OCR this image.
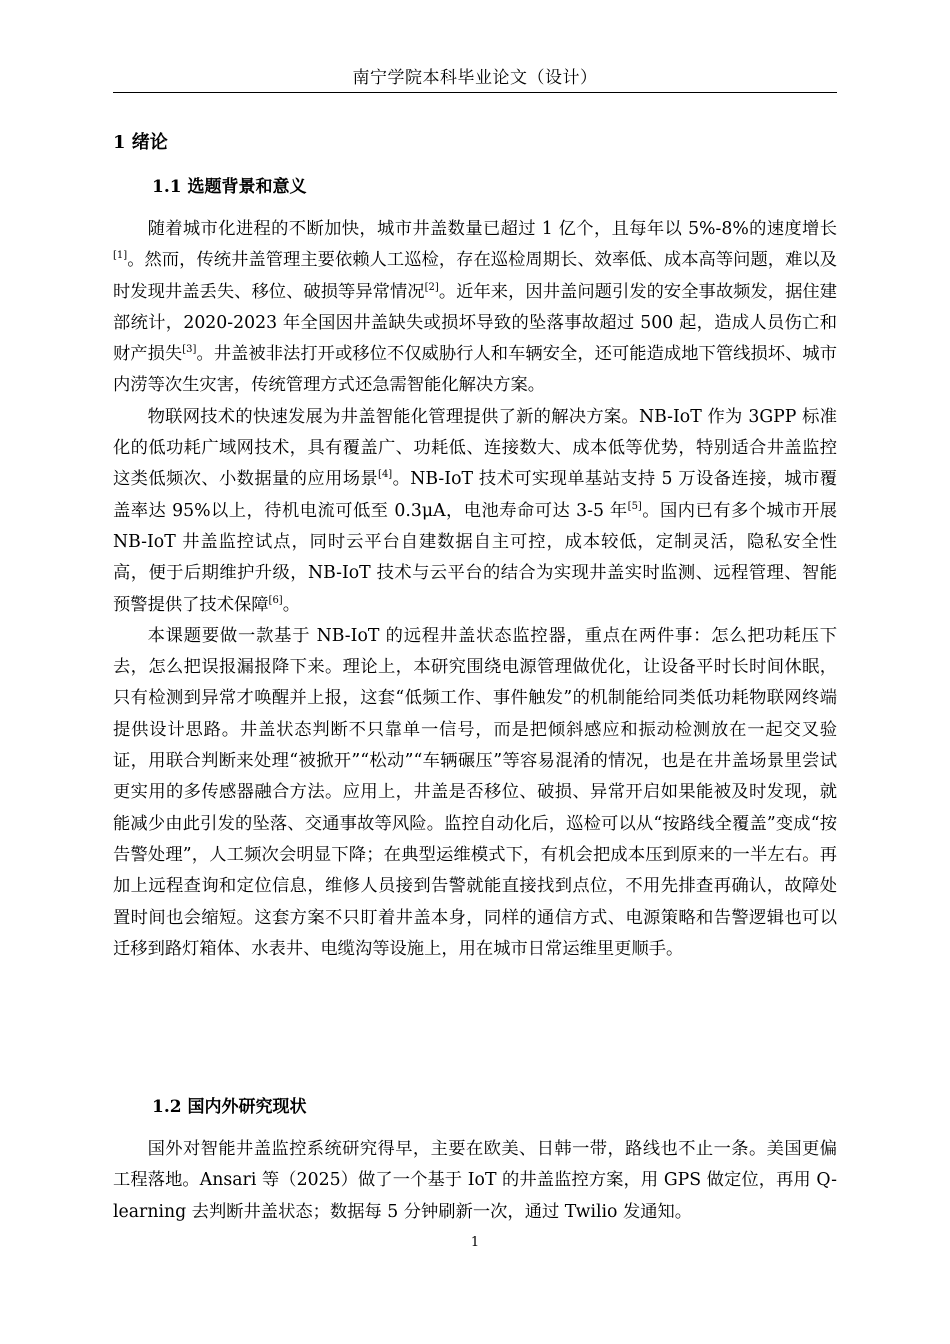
南宁学院本科毕业论文（设计）
1 绪论
1.1 选题背景和意义

随着城市化进程的不断加快，城市井盖数量已超过 1 亿个，且每年以 5%-8%的速度增长[1]。然而，传统井盖管理主要依赖人工巡检，存在巡检周期长、效率低、成本高等问题，难以及时发现井盖丢失、移位、破损等异常情况[2]。近年来，因井盖问题引发的安全事故频发，据住建部统计，2020-2023 年全国因井盖缺失或损坏导致的坠落事故超过 500 起，造成人员伤亡和财产损失[3]。井盖被非法打开或移位不仅威胁行人和车辆安全，还可能造成地下管线损坏、城市内涝等次生灾害，传统管理方式还急需智能化解决方案。

物联网技术的快速发展为井盖智能化管理提供了新的解决方案。NB-IoT 作为 3GPP 标准化的低功耗广域网技术，具有覆盖广、功耗低、连接数大、成本低等优势，特别适合井盖监控这类低频次、小数据量的应用场景[4]。NB-IoT 技术可实现单基站支持 5 万设备连接，城市覆盖率达 95%以上，待机电流可低至 0.3μA，电池寿命可达 3-5 年[5]。国内已有多个城市开展 NB-IoT 井盖监控试点，同时云平台自建数据自主可控，成本较低，定制灵活，隐私安全性高，便于后期维护升级，NB-IoT 技术与云平台的结合为实现井盖实时监测、远程管理、智能预警提供了技术保障[6]。

本课题要做一款基于 NB-IoT 的远程井盖状态监控器，重点在两件事：怎么把功耗压下去，怎么把误报漏报降下来。理论上，本研究围绕电源管理做优化，让设备平时长时间休眠，只有检测到异常才唤醒并上报，这套“低频工作、事件触发”的机制能给同类低功耗物联网终端提供设计思路。井盖状态判断不只靠单一信号，而是把倾斜感应和振动检测放在一起交叉验证，用联合判断来处理“被掀开”“松动”“车辆碾压”等容易混淆的情况，也是在井盖场景里尝试更实用的多传感器融合方法。应用上，井盖是否移位、破损、异常开启如果能被及时发现，就能减少由此引发的坠落、交通事故等风险。监控自动化后，巡检可以从“按路线全覆盖”变成“按告警处理”，人工频次会明显下降；在典型运维模式下，有机会把成本压到原来的一半左右。再加上远程查询和定位信息，维修人员接到告警就能直接找到点位，不用先排查再确认，故障处置时间也会缩短。这套方案不只盯着井盖本身，同样的通信方式、电源策略和告警逻辑也可以迁移到路灯箱体、水表井、电缆沟等设施上，用在城市日常运维里更顺手。

1.2 国内外研究现状

国外对智能井盖监控系统研究得早，主要在欧美、日韩一带，路线也不止一条。美国更偏工程落地。Ansari 等（2025）做了一个基于 IoT 的井盖监控方案，用 GPS 做定位，再用 Q-learning 去判断井盖状态；数据每 5 分钟刷新一次，通过 Twilio 发通知。

1
